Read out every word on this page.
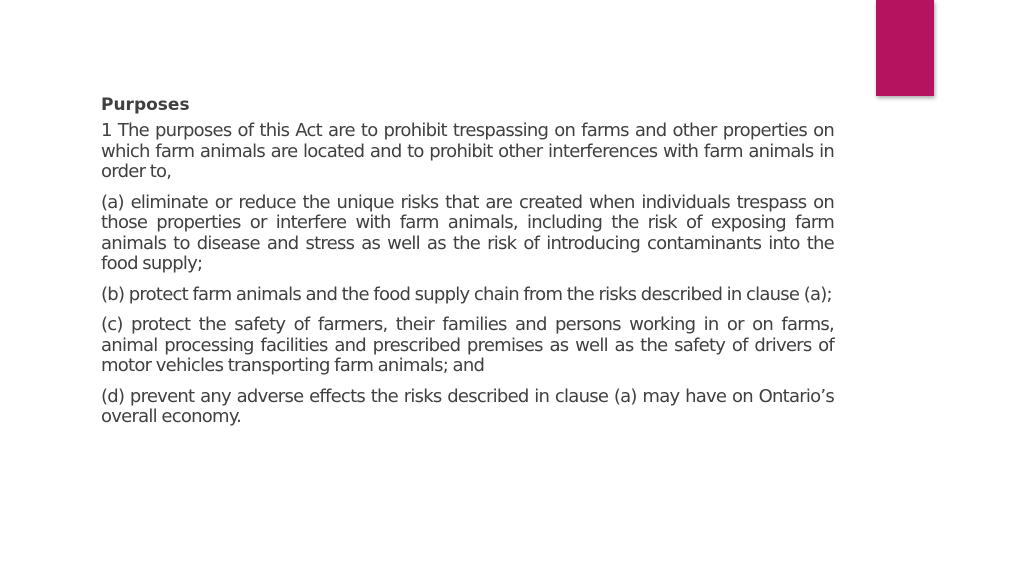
Purposes

1 The purposes of this Act are to prohibit trespassing on farms and other properties on which farm animals are located and to prohibit other interferences with farm animals in order to,

(a) eliminate or reduce the unique risks that are created when individuals trespass on those properties or interfere with farm animals, including the risk of exposing farm animals to disease and stress as well as the risk of introducing contaminants into the food supply;

(b) protect farm animals and the food supply chain from the risks described in clause (a);

(c) protect the safety of farmers, their families and persons working in or on farms, animal processing facilities and prescribed premises as well as the safety of drivers of motor vehicles transporting farm animals; and

(d) prevent any adverse effects the risks described in clause (a) may have on Ontario’s overall economy.
